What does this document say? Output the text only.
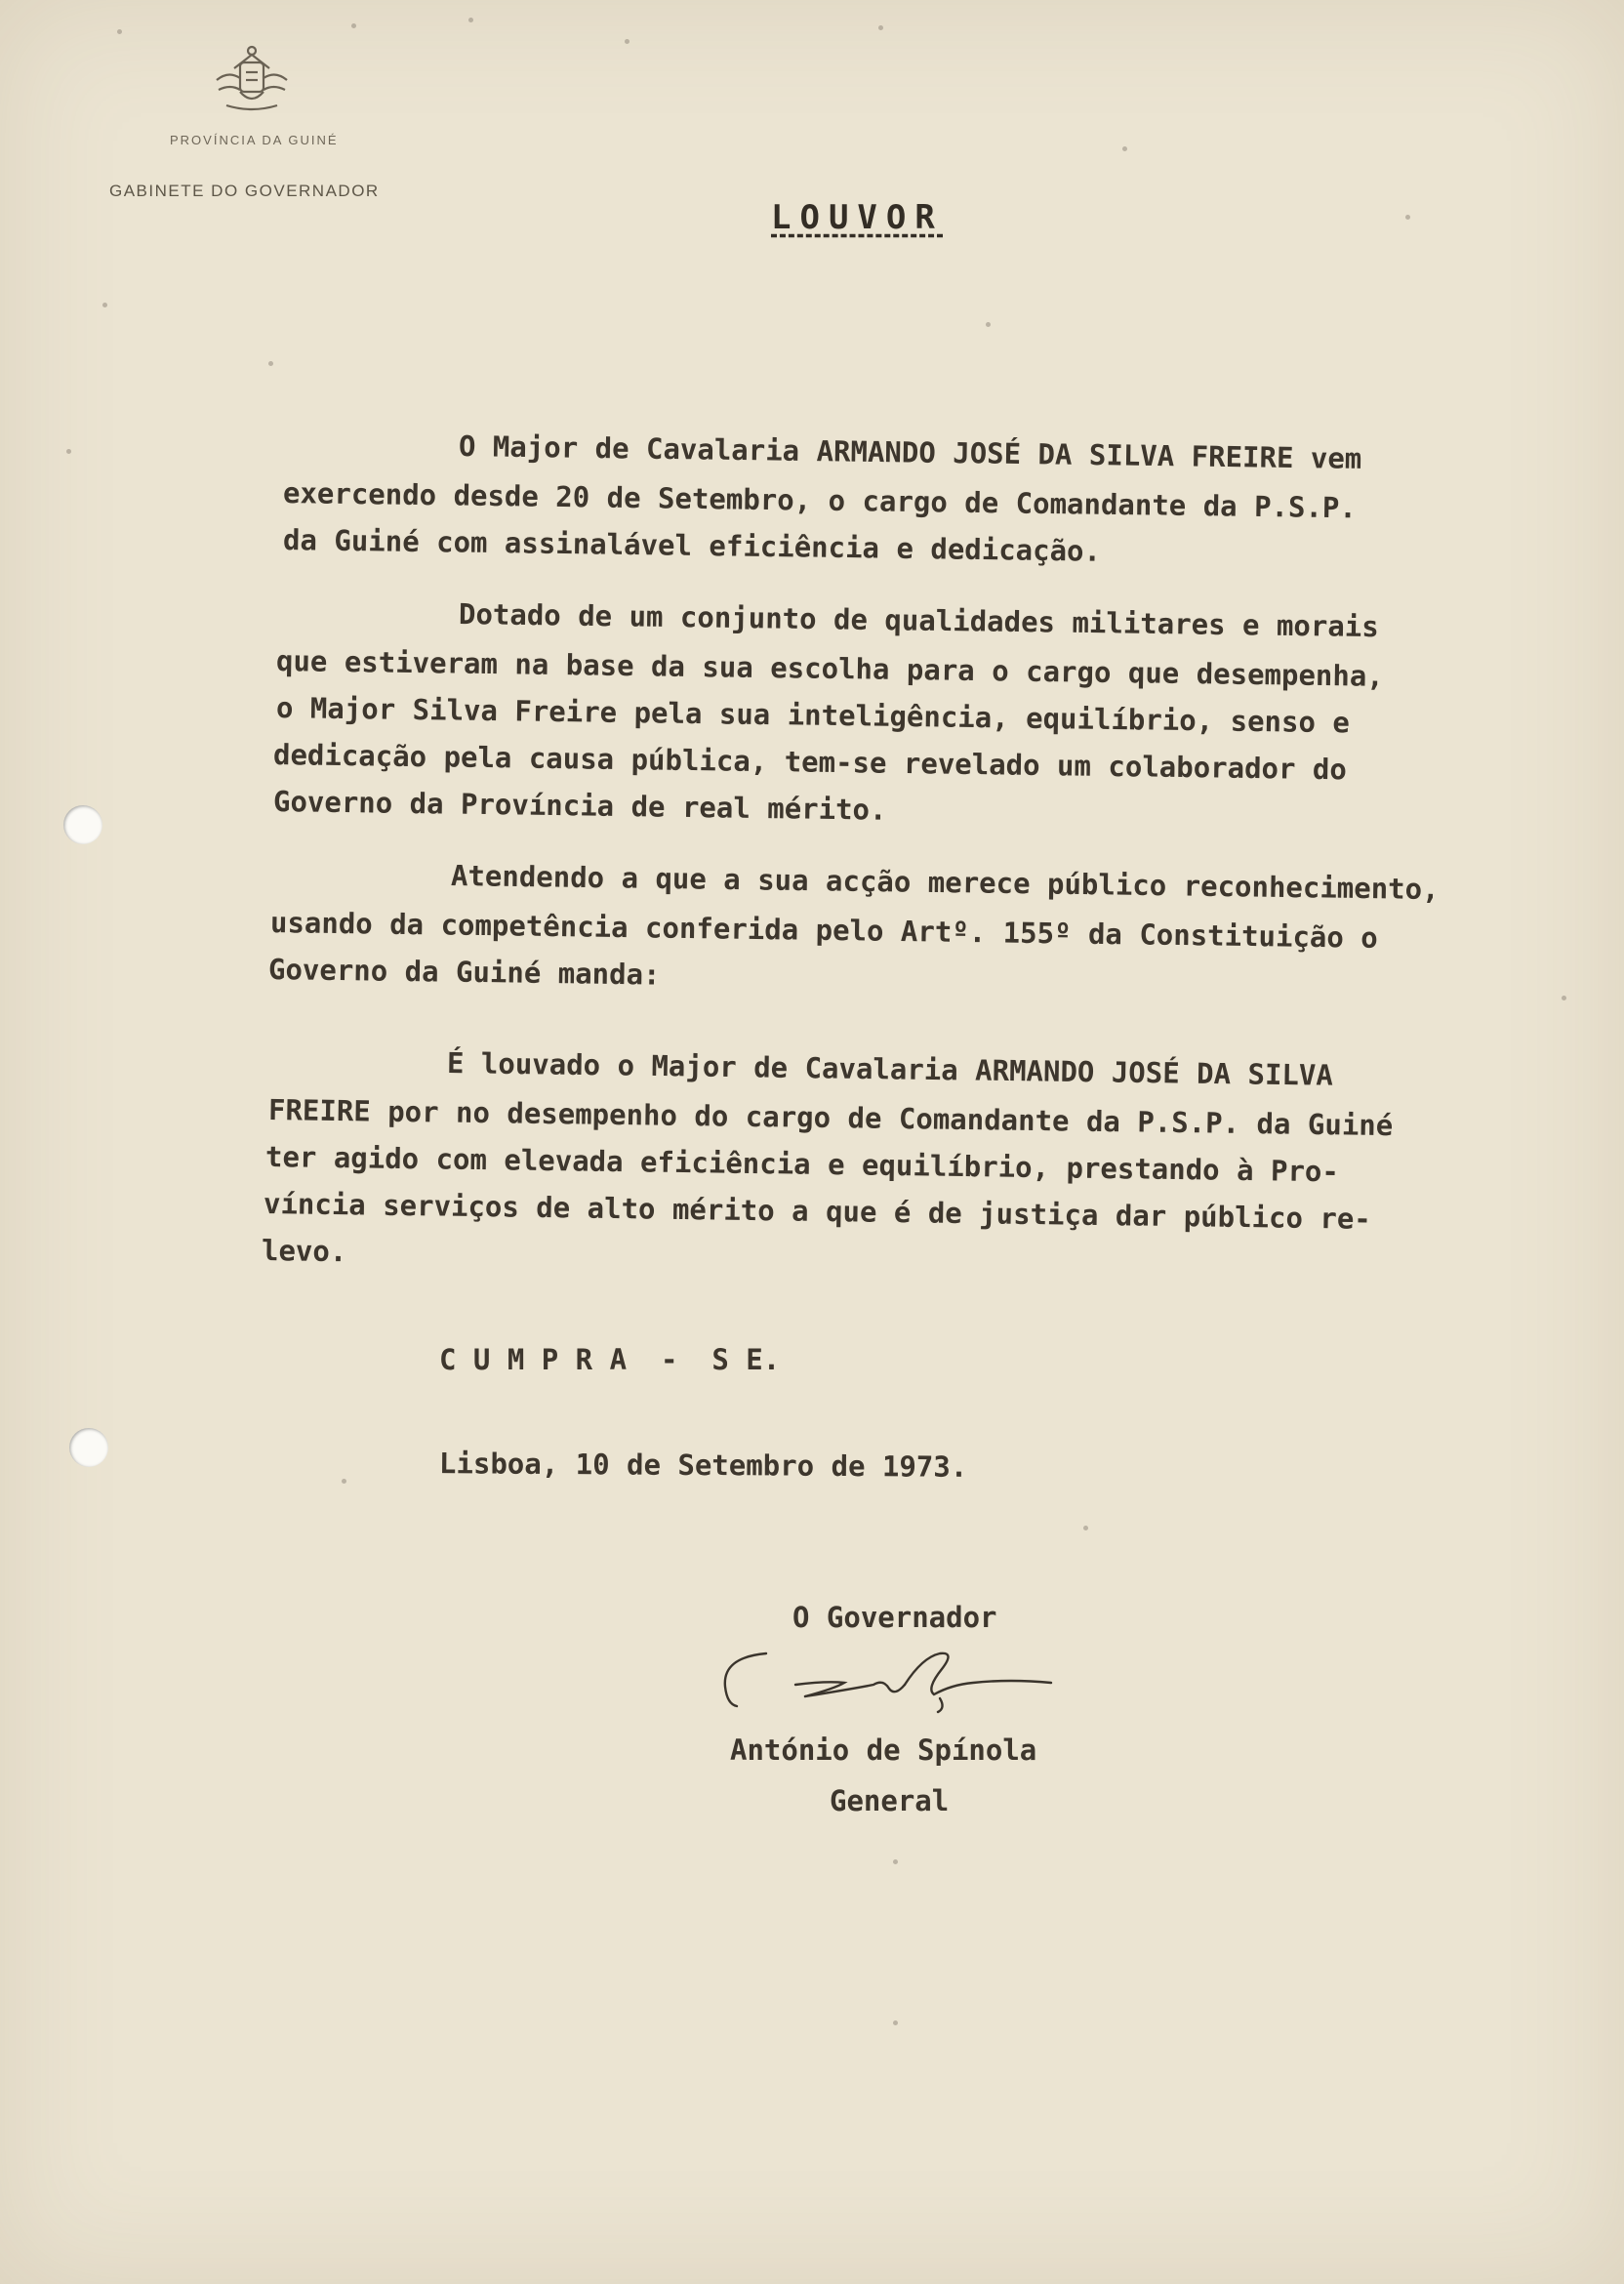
PROVÍNCIA DA GUINÉ
GABINETE DO GOVERNADOR
LOUVOR
O Major de Cavalaria ARMANDO JOSÉ DA SILVA FREIRE vem
exercendo desde 20 de Setembro, o cargo de Comandante da P.S.P.
da Guiné com assinalável eficiência e dedicação.
Dotado de um conjunto de qualidades militares e morais
que estiveram na base da sua escolha para o cargo que desempenha,
o Major Silva Freire pela sua inteligência, equilíbrio, senso e
dedicação pela causa pública, tem-se revelado um colaborador do
Governo da Província de real mérito.
Atendendo a que a sua acção merece público reconhecimento,
usando da competência conferida pelo Artº. 155º da Constituição o
Governo da Guiné manda:
É louvado o Major de Cavalaria ARMANDO JOSÉ DA SILVA
FREIRE por no desempenho do cargo de Comandante da P.S.P. da Guiné
ter agido com elevada eficiência e equilíbrio, prestando à Pro-
víncia serviços de alto mérito a que é de justiça dar público re-
levo.
C U M P R A  -  S E.
Lisboa, 10 de Setembro de 1973.
O Governador
António de Spínola
General
